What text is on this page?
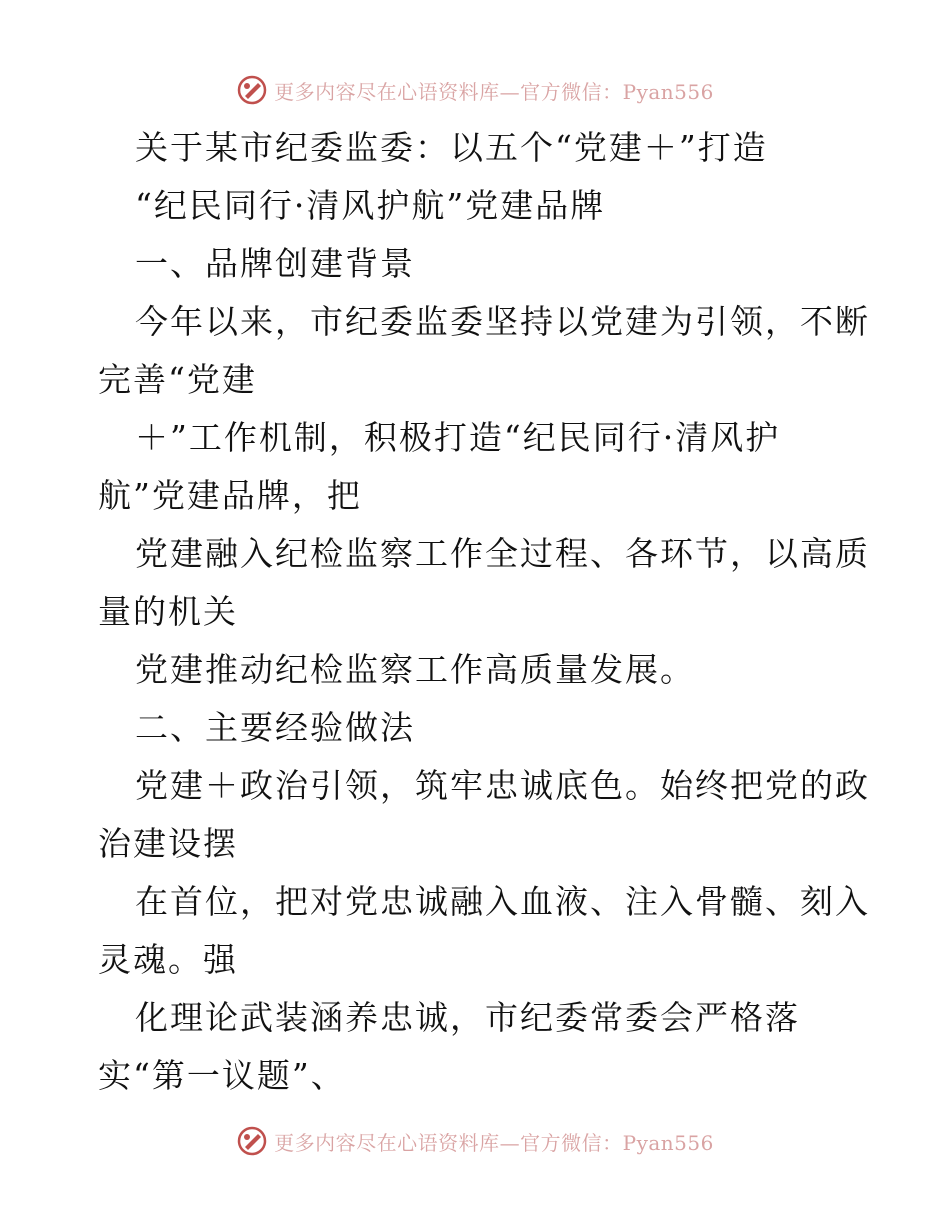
更多内容尽在心语资料库—官方微信：Pyan556
关于某市纪委监委：以五个“党建＋”打造
“纪民同行·清风护航”党建品牌
一、品牌创建背景
今年以来，市纪委监委坚持以党建为引领，不断
完善“党建
＋”工作机制，积极打造“纪民同行·清风护
航”党建品牌，把
党建融入纪检监察工作全过程、各环节，以高质
量的机关
党建推动纪检监察工作高质量发展。
二、主要经验做法
党建＋政治引领，筑牢忠诚底色。始终把党的政
治建设摆
在首位，把对党忠诚融入血液、注入骨髓、刻入
灵魂。强
化理论武装涵养忠诚，市纪委常委会严格落
实“第一议题”、
更多内容尽在心语资料库—官方微信：Pyan556
